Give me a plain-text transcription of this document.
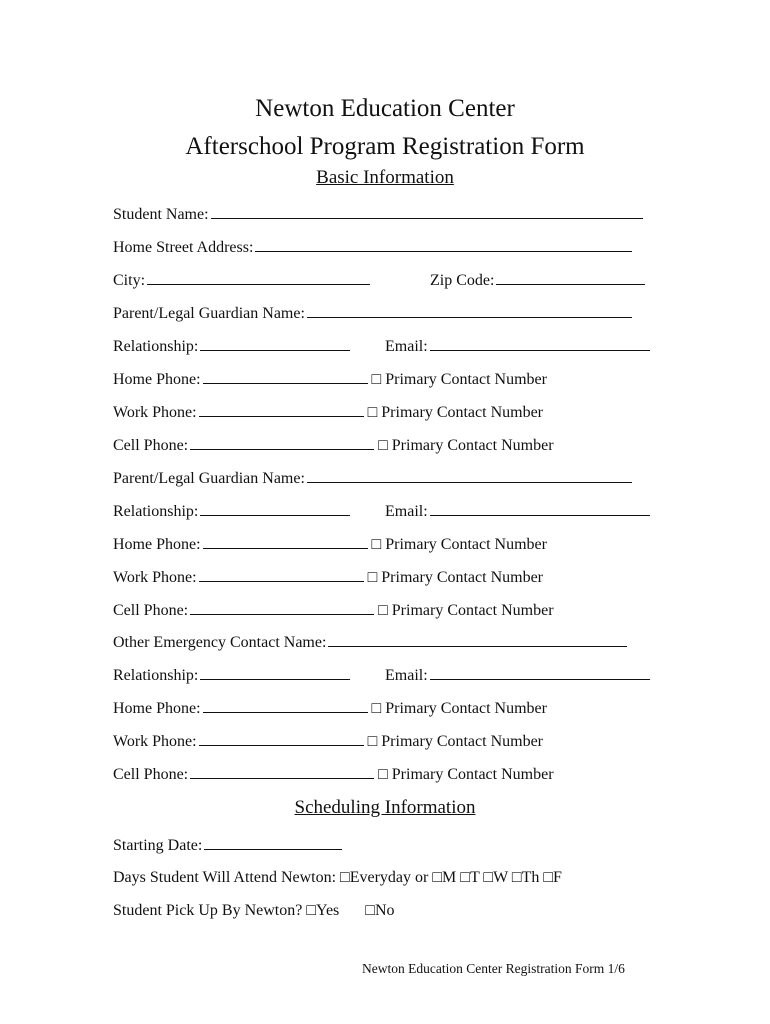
Newton Education Center
Afterschool Program Registration Form
Basic Information
Student Name:
Home Street Address:
City:	Zip Code:
Parent/Legal Guardian Name:
Relationship:	Email:
Home Phone:	□ Primary Contact Number
Work Phone:	□ Primary Contact Number
Cell Phone:	□ Primary Contact Number
Parent/Legal Guardian Name:
Relationship:	Email:
Home Phone:	□ Primary Contact Number
Work Phone:	□ Primary Contact Number
Cell Phone:	□ Primary Contact Number
Other Emergency Contact Name:
Relationship:	Email:
Home Phone:	□ Primary Contact Number
Work Phone:	□ Primary Contact Number
Cell Phone:	□ Primary Contact Number
Scheduling Information
Starting Date:
Days Student Will Attend Newton: □Everyday or □M □T □W □Th □F
Student Pick Up By Newton? □Yes □No
Newton Education Center Registration Form 1/6
